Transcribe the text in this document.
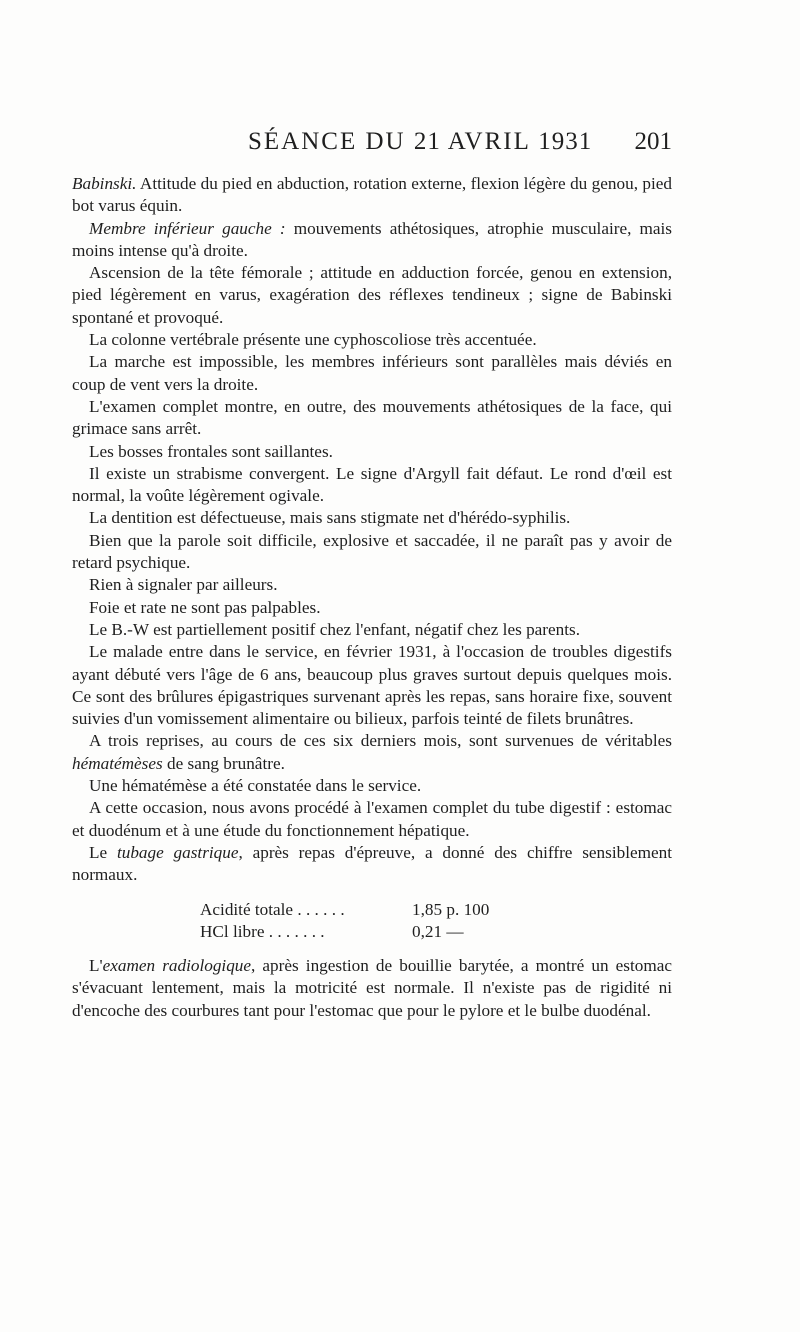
SÉANCE DU 21 AVRIL 1931 201

Babinski. Attitude du pied en abduction, rotation externe, flexion légère du genou, pied bot varus équin.

Membre inférieur gauche : mouvements athétosiques, atrophie musculaire, mais moins intense qu'à droite.

Ascension de la tête fémorale ; attitude en adduction forcée, genou en extension, pied légèrement en varus, exagération des réflexes tendineux ; signe de Babinski spontané et provoqué.

La colonne vertébrale présente une cyphoscoliose très accentuée.

La marche est impossible, les membres inférieurs sont parallèles mais déviés en coup de vent vers la droite.

L'examen complet montre, en outre, des mouvements athétosiques de la face, qui grimace sans arrêt.

Les bosses frontales sont saillantes.

Il existe un strabisme convergent. Le signe d'Argyll fait défaut. Le rond d'œil est normal, la voûte légèrement ogivale.

La dentition est défectueuse, mais sans stigmate net d'hérédo-syphilis.

Bien que la parole soit difficile, explosive et saccadée, il ne paraît pas y avoir de retard psychique.

Rien à signaler par ailleurs.

Foie et rate ne sont pas palpables.

Le B.-W est partiellement positif chez l'enfant, négatif chez les parents.

Le malade entre dans le service, en février 1931, à l'occasion de troubles digestifs ayant débuté vers l'âge de 6 ans, beaucoup plus graves surtout depuis quelques mois. Ce sont des brûlures épigastriques survenant après les repas, sans horaire fixe, souvent suivies d'un vomissement alimentaire ou bilieux, parfois teinté de filets brunâtres.

A trois reprises, au cours de ces six derniers mois, sont survenues de véritables hématémèses de sang brunâtre.

Une hématémèse a été constatée dans le service.

A cette occasion, nous avons procédé à l'examen complet du tube digestif : estomac et duodénum et à une étude du fonctionnement hépatique.

Le tubage gastrique, après repas d'épreuve, a donné des chiffre sensiblement normaux.

Acidité totale . . . . . .	1,85 p. 100
HCl libre . . . . . . .	0,21 —

L'examen radiologique, après ingestion de bouillie barytée, a montré un estomac s'évacuant lentement, mais la motricité est normale. Il n'existe pas de rigidité ni d'encoche des courbures tant pour l'estomac que pour le pylore et le bulbe duodénal.
